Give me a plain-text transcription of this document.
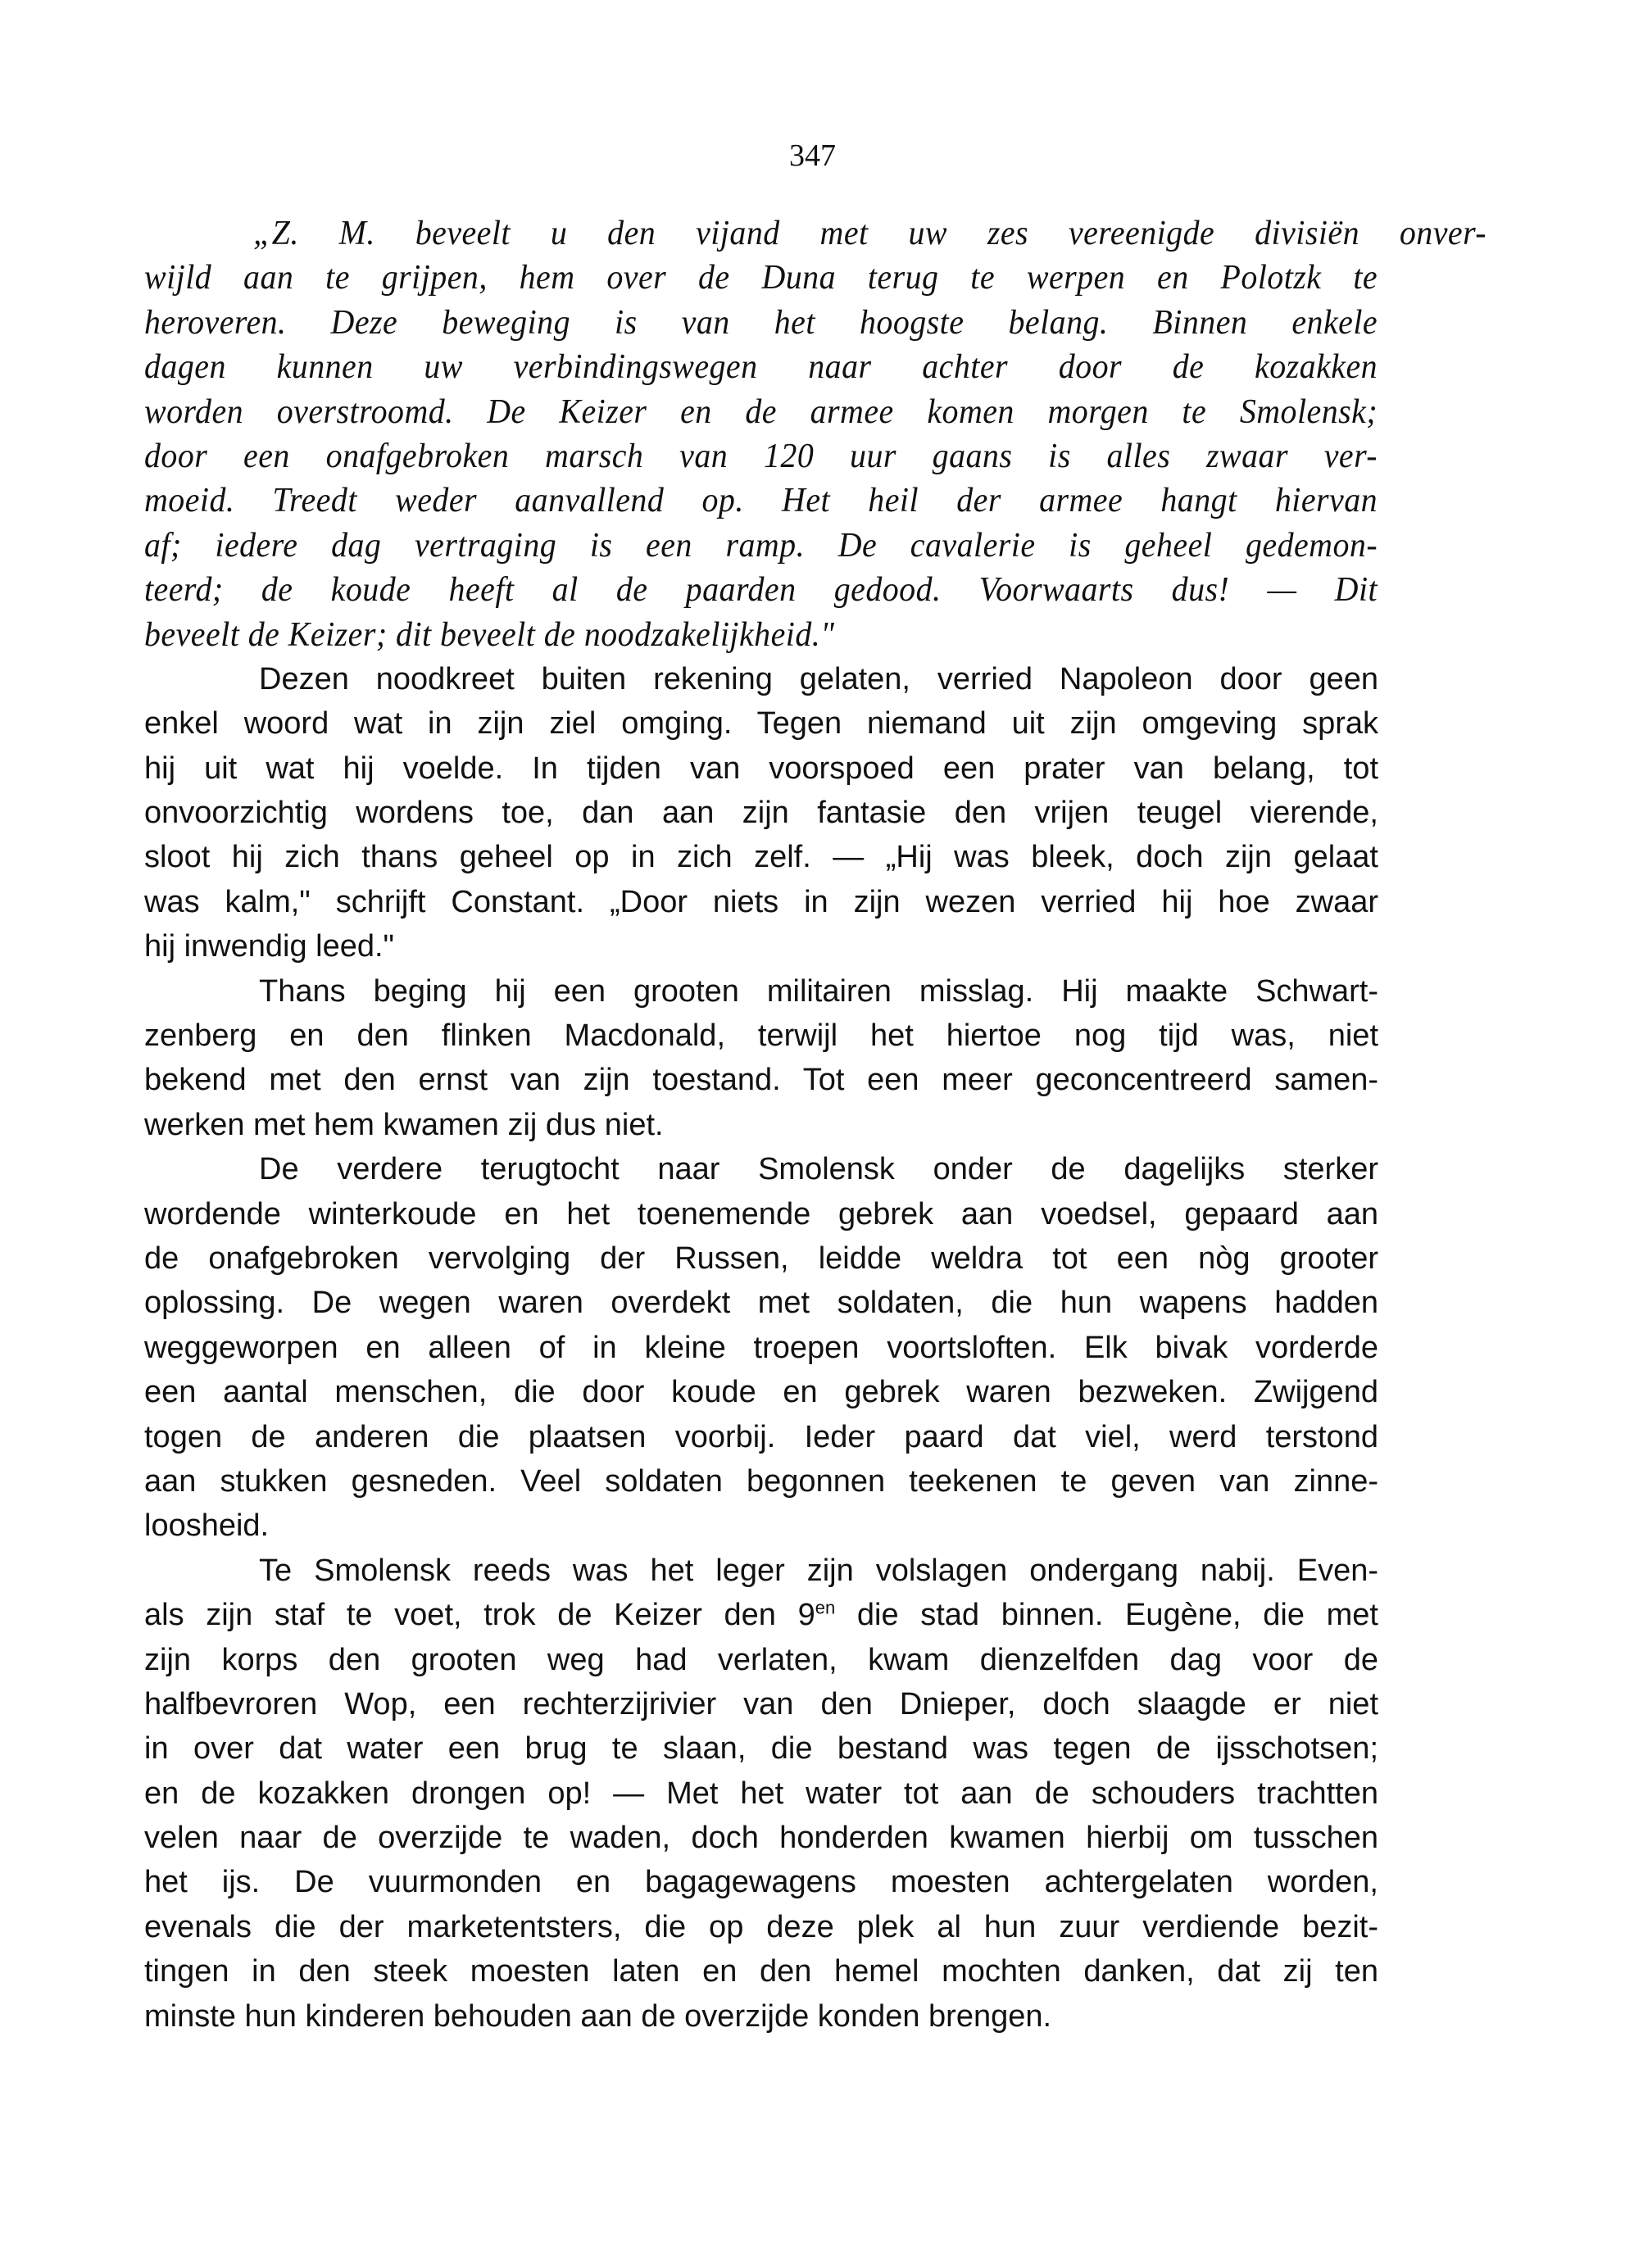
347
„Z. M. beveelt u den vijand met uw zes vereenigde divisiën onver-
wijld aan te grijpen, hem over de Duna terug te werpen en Polotzk te
heroveren. Deze beweging is van het hoogste belang. Binnen enkele
dagen kunnen uw verbindingswegen naar achter door de kozakken
worden overstroomd. De Keizer en de armee komen morgen te Smolensk;
door een onafgebroken marsch van 120 uur gaans is alles zwaar ver-
moeid. Treedt weder aanvallend op. Het heil der armee hangt hiervan
af; iedere dag vertraging is een ramp. De cavalerie is geheel gedemon-
teerd; de koude heeft al de paarden gedood. Voorwaarts dus! — Dit
beveelt de Keizer; dit beveelt de noodzakelijkheid."
Dezen noodkreet buiten rekening gelaten, verried Napoleon door geen
enkel woord wat in zijn ziel omging. Tegen niemand uit zijn omgeving sprak
hij uit wat hij voelde. In tijden van voorspoed een prater van belang, tot
onvoorzichtig wordens toe, dan aan zijn fantasie den vrijen teugel vierende,
sloot hij zich thans geheel op in zich zelf. — „Hij was bleek, doch zijn gelaat
was kalm," schrijft Constant. „Door niets in zijn wezen verried hij hoe zwaar
hij inwendig leed."
Thans beging hij een grooten militairen misslag. Hij maakte Schwart-
zenberg en den flinken Macdonald, terwijl het hiertoe nog tijd was, niet
bekend met den ernst van zijn toestand. Tot een meer geconcentreerd samen-
werken met hem kwamen zij dus niet.
De verdere terugtocht naar Smolensk onder de dagelijks sterker
wordende winterkoude en het toenemende gebrek aan voedsel, gepaard aan
de onafgebroken vervolging der Russen, leidde weldra tot een nòg grooter
oplossing. De wegen waren overdekt met soldaten, die hun wapens hadden
weggeworpen en alleen of in kleine troepen voortsloften. Elk bivak vorderde
een aantal menschen, die door koude en gebrek waren bezweken. Zwijgend
togen de anderen die plaatsen voorbij. Ieder paard dat viel, werd terstond
aan stukken gesneden. Veel soldaten begonnen teekenen te geven van zinne-
loosheid.
Te Smolensk reeds was het leger zijn volslagen ondergang nabij. Even-
als zijn staf te voet, trok de Keizer den $9^{en}$ die stad binnen. Eugène, die met
zijn korps den grooten weg had verlaten, kwam dienzelfden dag voor de
halfbevroren Wop, een rechterzijrivier van den Dnieper, doch slaagde er niet
in over dat water een brug te slaan, die bestand was tegen de ijsschotsen;
en de kozakken drongen op! — Met het water tot aan de schouders trachtten
velen naar de overzijde te waden, doch honderden kwamen hierbij om tusschen
het ijs. De vuurmonden en bagagewagens moesten achtergelaten worden,
evenals die der marketentsters, die op deze plek al hun zuur verdiende bezit-
tingen in den steek moesten laten en den hemel mochten danken, dat zij ten
minste hun kinderen behouden aan de overzijde konden brengen.
